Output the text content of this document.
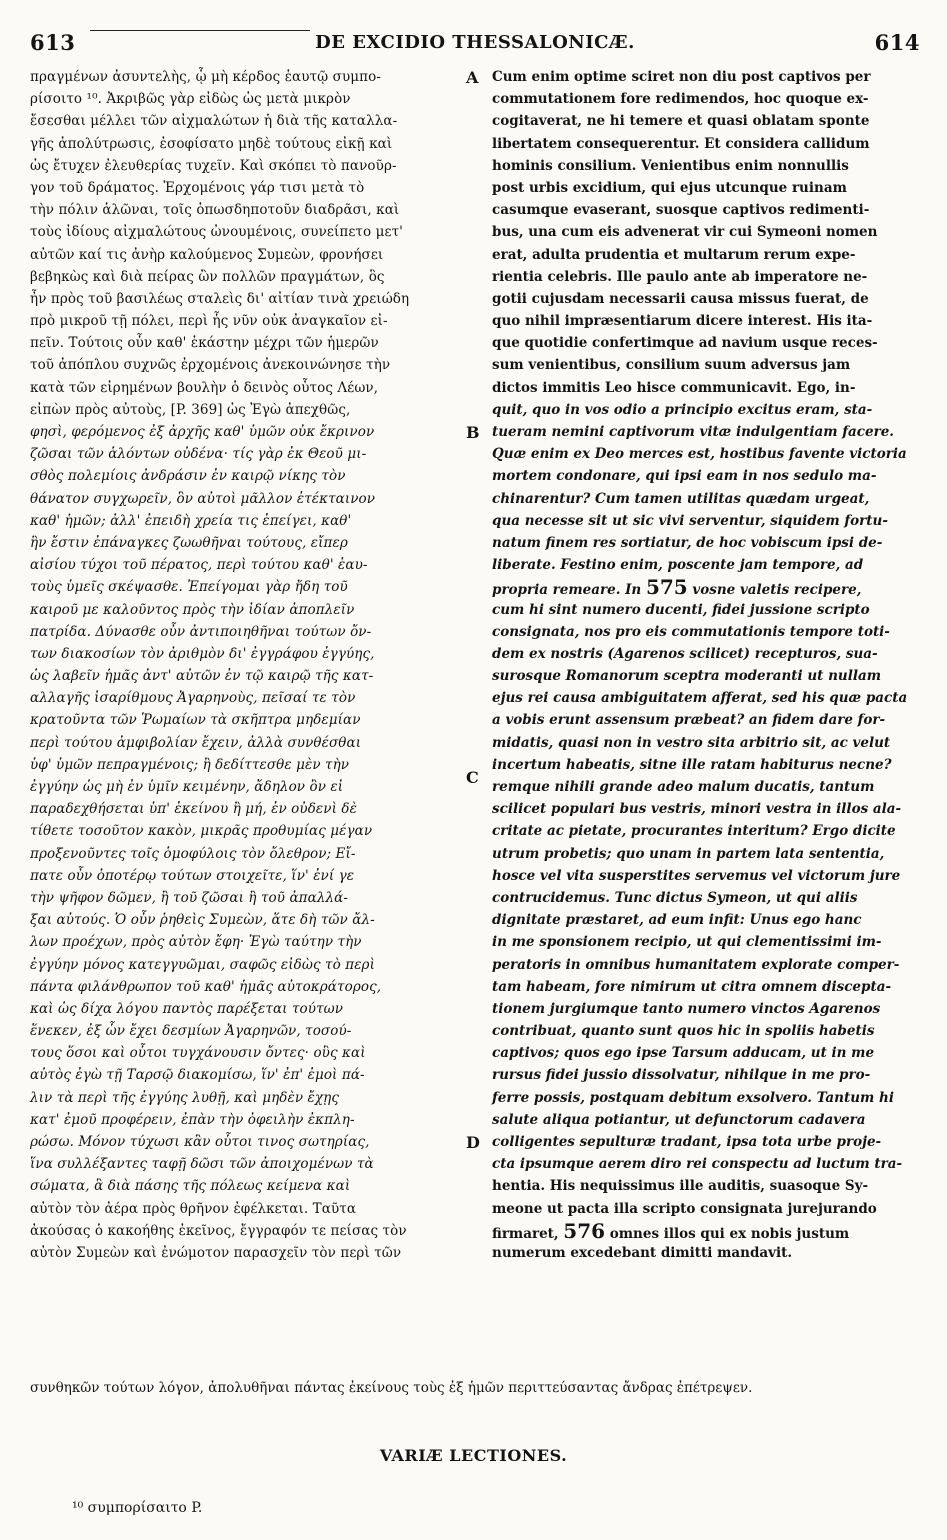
613	DE EXCIDIO THESSALONICÆ.	614
A
B
C
D
πραγμένων ἀσυντελὴς, ᾧ μὴ κέρδος ἑαυτῷ συμπο-
ρίσοιτο ¹⁰. Ἀκριβῶς γὰρ εἰδὼς ὡς μετὰ μικρὸν
ἔσεσθαι μέλλει τῶν αἰχμαλώτων ἡ διὰ τῆς καταλλα-
γῆς ἀπολύτρωσις, ἐσοφίσατο μηδὲ τούτους εἰκῇ καὶ
ὡς ἔτυχεν ἐλευθερίας τυχεῖν. Καὶ σκόπει τὸ πανοῦρ-
γον τοῦ δράματος. Ἐρχομένοις γάρ τισι μετὰ τὸ
τὴν πόλιν ἁλῶναι, τοῖς ὁπωσδηποτοῦν διαδρᾶσι, καὶ
τοὺς ἰδίους αἰχμαλώτους ὠνουμένοις, συνείπετο μετ'
αὐτῶν καί τις ἀνὴρ καλούμενος Συμεὼν, φρονήσει
βεβηκὼς καὶ διὰ πείρας ὢν πολλῶν πραγμάτων, ὃς
ἦν πρὸς τοῦ βασιλέως σταλεὶς δι' αἰτίαν τινὰ χρειώδη
πρὸ μικροῦ τῇ πόλει, περὶ ἧς νῦν οὐκ ἀναγκαῖον εἰ-
πεῖν. Τούτοις οὖν καθ' ἑκάστην μέχρι τῶν ἡμερῶν
τοῦ ἀπόπλου συχνῶς ἐρχομένοις ἀνεκοινώνησε τὴν
κατὰ τῶν εἰρημένων βουλὴν ὁ δεινὸς οὗτος Λέων,
εἰπὼν πρὸς αὐτοὺς, [P. 369] ὡς Ἐγὼ ἀπεχθῶς,
φησὶ, φερόμενος ἐξ ἀρχῆς καθ' ὑμῶν οὐκ ἔκρινον
ζῶσαι τῶν ἁλόντων οὐδένα· τίς γὰρ ἐκ Θεοῦ μι-
σθὸς πολεμίοις ἀνδράσιν ἐν καιρῷ νίκης τὸν
θάνατον συγχωρεῖν, ὃν αὐτοὶ μᾶλλον ἐτέκταινον
καθ' ἡμῶν; ἀλλ' ἐπειδὴ χρεία τις ἐπείγει, καθ'
ἣν ἔστιν ἐπάναγκες ζωωθῆναι τούτους, εἴπερ
αἰσίου τύχοι τοῦ πέρατος, περὶ τούτου καθ' ἑαυ-
τοὺς ὑμεῖς σκέψασθε. Ἐπείγομαι γὰρ ἤδη τοῦ
καιροῦ με καλοῦντος πρὸς τὴν ἰδίαν ἀποπλεῖν
πατρίδα. Δύνασθε οὖν ἀντιποιηθῆναι τούτων ὄν-
των διακοσίων τὸν ἀριθμὸν δι' ἐγγράφου ἐγγύης,
ὡς λαβεῖν ἡμᾶς ἀντ' αὐτῶν ἐν τῷ καιρῷ τῆς κατ-
αλλαγῆς ἰσαρίθμους Ἀγαρηνοὺς, πεῖσαί τε τὸν
κρατοῦντα τῶν Ῥωμαίων τὰ σκῆπτρα μηδεμίαν
περὶ τούτου ἀμφιβολίαν ἔχειν, ἀλλὰ συνθέσθαι
ὑφ' ὑμῶν πεπραγμένοις; ἢ δεδίττεσθε μὲν τὴν
ἐγγύην ὡς μὴ ἐν ὑμῖν κειμένην, ἄδηλον ὂν εἰ
παραδεχθήσεται ὑπ' ἐκείνου ἢ μή, ἐν οὐδενὶ δὲ
τίθετε τοσοῦτον κακὸν, μικρᾶς προθυμίας μέγαν
προξενοῦντες τοῖς ὁμοφύλοις τὸν ὄλεθρον; Εἴ-
πατε οὖν ὁποτέρῳ τούτων στοιχεῖτε, ἵν' ἐνί γε
τὴν ψῆφον δῶμεν, ἢ τοῦ ζῶσαι ἢ τοῦ ἀπαλλά-
ξαι αὐτούς. Ὁ οὖν ῥηθεὶς Συμεὼν, ἅτε δὴ τῶν ἄλ-
λων προέχων, πρὸς αὐτὸν ἔφη· Ἐγὼ ταύτην τὴν
ἐγγύην μόνος κατεγγυῶμαι, σαφῶς εἰδὼς τὸ περὶ
πάντα φιλάνθρωπον τοῦ καθ' ἡμᾶς αὐτοκράτορος,
καὶ ὡς δίχα λόγου παντὸς παρέξεται τούτων
ἕνεκεν, ἐξ ὧν ἔχει δεσμίων Ἀγαρηνῶν, τοσού-
τους ὅσοι καὶ οὗτοι τυγχάνουσιν ὄντες· οὓς καὶ
αὐτὸς ἐγὼ τῇ Ταρσῷ διακομίσω, ἵν' ἐπ' ἐμοὶ πά-
λιν τὰ περὶ τῆς ἐγγύης λυθῇ, καὶ μηδὲν ἔχῃς
κατ' ἐμοῦ προφέρειν, ἐπὰν τὴν ὀφειλὴν ἐκπλη-
ρώσω. Μόνον τύχωσι κἂν οὗτοι τινος σωτηρίας,
ἵνα συλλέξαντες ταφῇ δῶσι τῶν ἀποιχομένων τὰ
σώματα, ἃ διὰ πάσης τῆς πόλεως κείμενα καὶ
αὐτὸν τὸν ἀέρα πρὸς θρῆνον ἐφέλκεται. Ταῦτα
ἀκούσας ὁ κακοήθης ἐκεῖνος, ἔγγραφόν τε πείσας τὸν
αὐτὸν Συμεὼν καὶ ἐνώμοτον παρασχεῖν τὸν περὶ τῶν
Cum enim optime sciret non diu post captivos per
commutationem fore redimendos, hoc quoque ex-
cogitaverat, ne hi temere et quasi oblatam sponte
libertatem consequerentur. Et considera callidum
hominis consilium. Venientibus enim nonnullis
post urbis excidium, qui ejus utcunque ruinam
casumque evaserant, suosque captivos redimenti-
bus, una cum eis advenerat vir cui Symeoni nomen
erat, adulta prudentia et multarum rerum expe-
rientia celebris. Ille paulo ante ab imperatore ne-
gotii cujusdam necessarii causa missus fuerat, de
quo nihil impræsentiarum dicere interest. His ita-
que quotidie confertimque ad navium usque reces-
sum venientibus, consilium suum adversus jam
dictos immitis Leo hisce communicavit. Ego, in-
quit, quo in vos odio a principio excitus eram, sta-
tueram nemini captivorum vitæ indulgentiam facere.
Quæ enim ex Deo merces est, hostibus favente victoria
mortem condonare, qui ipsi eam in nos sedulo ma-
chinarentur? Cum tamen utilitas quædam urgeat,
qua necesse sit ut sic vivi serventur, siquidem fortu-
natum finem res sortiatur, de hoc vobiscum ipsi de-
liberate. Festino enim, poscente jam tempore, ad
propria remeare. In 575 vosne valetis recipere,
cum hi sint numero ducenti, fidei jussione scripto
consignata, nos pro eis commutationis tempore toti-
dem ex nostris (Agarenos scilicet) recepturos, sua-
surosque Romanorum sceptra moderanti ut nullam
ejus rei causa ambiguitatem afferat, sed his quæ pacta
a vobis erunt assensum præbeat? an fidem dare for-
midatis, quasi non in vestro sita arbitrio sit, ac velut
incertum habeatis, sitne ille ratam habiturus necne?
remque nihili grande adeo malum ducatis, tantum
scilicet populari bus vestris, minori vestra in illos ala-
critate ac pietate, procurantes interitum? Ergo dicite
utrum probetis; quo unam in partem lata sententia,
hosce vel vita susperstites servemus vel victorum jure
contrucidemus. Tunc dictus Symeon, ut qui aliis
dignitate præstaret, ad eum infit: Unus ego hanc
in me sponsionem recipio, ut qui clementissimi im-
peratoris in omnibus humanitatem explorate comper-
tam habeam, fore nimirum ut citra omnem discepta-
tionem jurgiumque tanto numero vinctos Agarenos
contribuat, quanto sunt quos hic in spoliis habetis
captivos; quos ego ipse Tarsum adducam, ut in me
rursus fidei jussio dissolvatur, nihilque in me pro-
ferre possis, postquam debitum exsolvero. Tantum hi
salute aliqua potiantur, ut defunctorum cadavera
colligentes sepulturæ tradant, ipsa tota urbe proje-
cta ipsumque aerem diro rei conspectu ad luctum tra-
hentia. His nequissimus ille auditis, suasoque Sy-
meone ut pacta illa scripto consignata jurejurando
firmaret, 576 omnes illos qui ex nobis justum
numerum excedebant dimitti mandavit.
συνθηκῶν τούτων λόγον, ἀπολυθῆναι πάντας ἐκείνους τοὺς ἐξ ἡμῶν περιττεύσαντας ἄνδρας ἐπέτρεψεν.
VARIÆ LECTIONES.
¹⁰ συμπορίσαιτο P.
